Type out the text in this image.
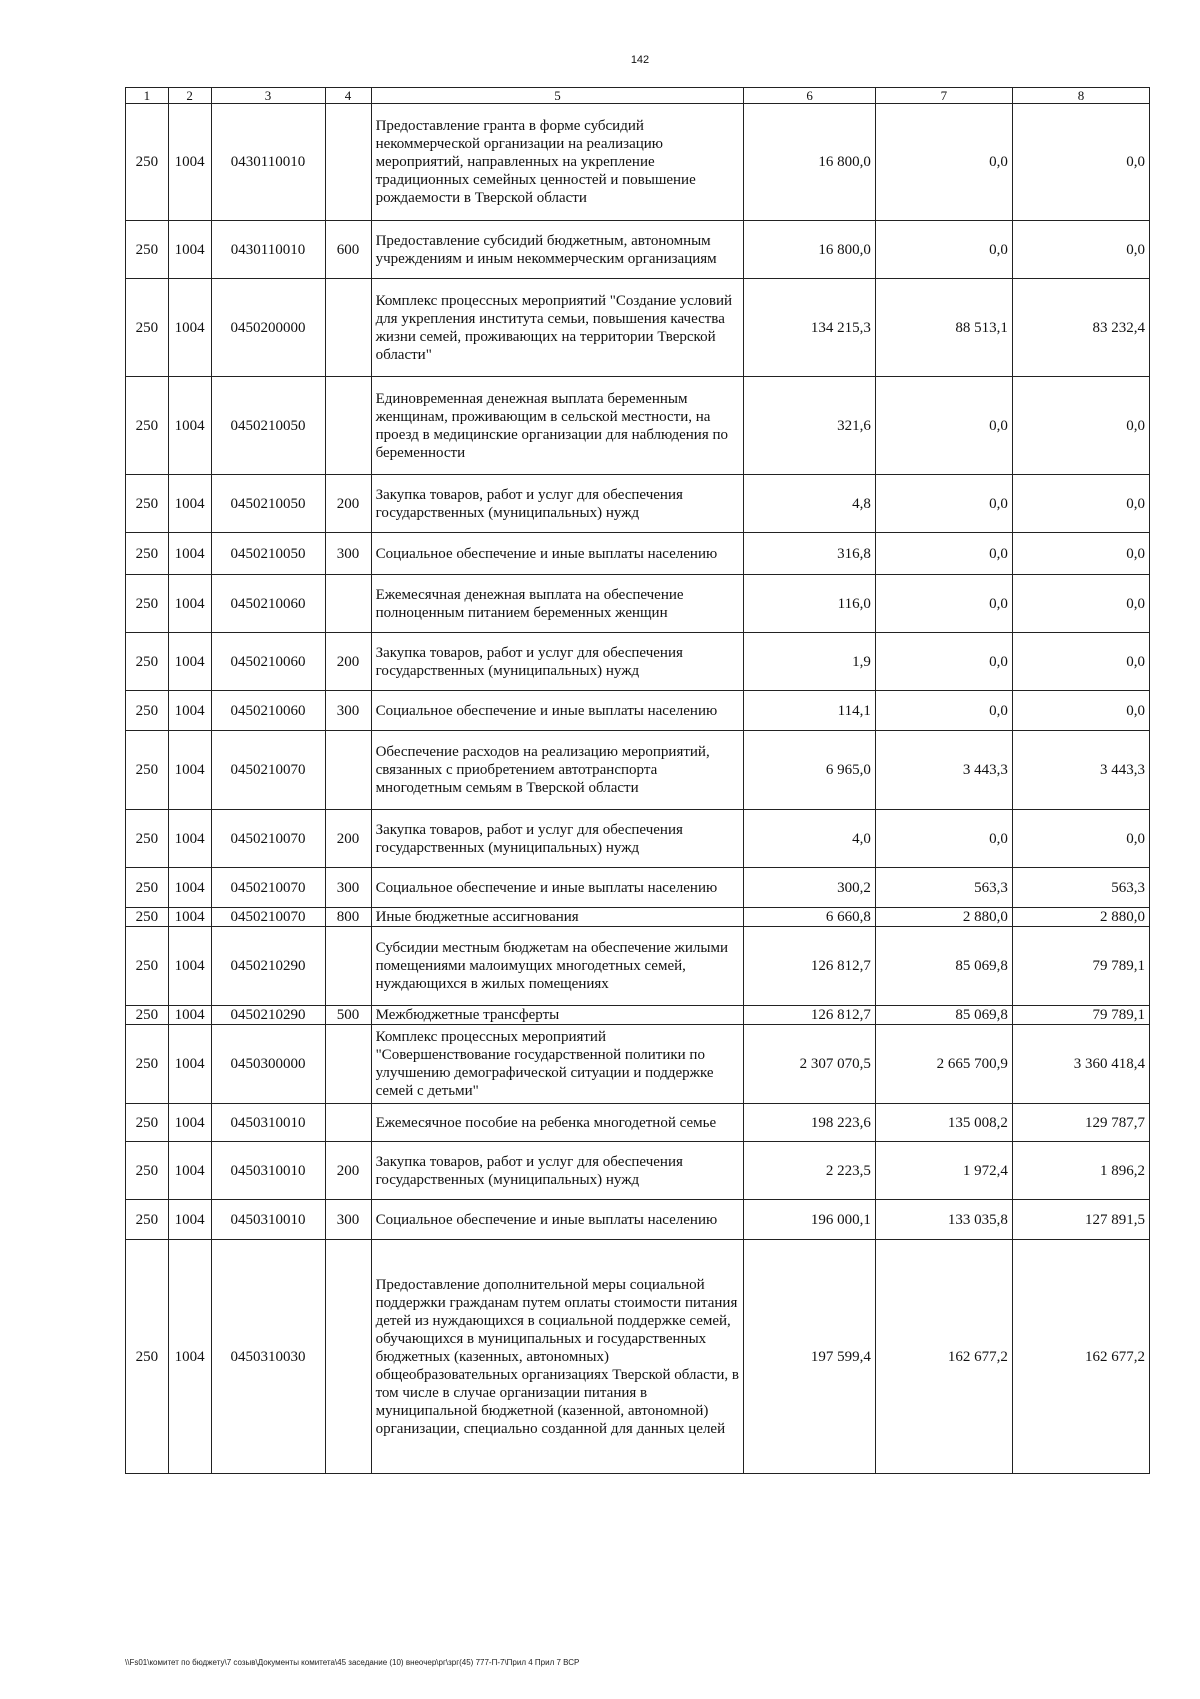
142
1	2	3	4	5	6	7	8
250	1004	0430110010		Предоставление гранта в форме субсидий некоммерческой организации на реализацию мероприятий, направленных на укрепление традиционных семейных ценностей и повышение рождаемости в Тверской области	16 800,0	0,0	0,0
250	1004	0430110010	600	Предоставление субсидий бюджетным, автономным учреждениям и иным некоммерческим организациям	16 800,0	0,0	0,0
250	1004	0450200000		Комплекс процессных мероприятий "Создание условий для укрепления института семьи, повышения качества жизни семей, проживающих на территории Тверской области"	134 215,3	88 513,1	83 232,4
250	1004	0450210050		Единовременная денежная выплата беременным женщинам, проживающим в сельской местности, на проезд в медицинские организации для наблюдения по беременности	321,6	0,0	0,0
250	1004	0450210050	200	Закупка товаров, работ и услуг для обеспечения государственных (муниципальных) нужд	4,8	0,0	0,0
250	1004	0450210050	300	Социальное обеспечение и иные выплаты населению	316,8	0,0	0,0
250	1004	0450210060		Ежемесячная денежная выплата на обеспечение полноценным питанием беременных женщин	116,0	0,0	0,0
250	1004	0450210060	200	Закупка товаров, работ и услуг для обеспечения государственных (муниципальных) нужд	1,9	0,0	0,0
250	1004	0450210060	300	Социальное обеспечение и иные выплаты населению	114,1	0,0	0,0
250	1004	0450210070		Обеспечение расходов на реализацию мероприятий, связанных с приобретением автотранспорта многодетным семьям в Тверской области	6 965,0	3 443,3	3 443,3
250	1004	0450210070	200	Закупка товаров, работ и услуг для обеспечения государственных (муниципальных) нужд	4,0	0,0	0,0
250	1004	0450210070	300	Социальное обеспечение и иные выплаты населению	300,2	563,3	563,3
250	1004	0450210070	800	Иные бюджетные ассигнования	6 660,8	2 880,0	2 880,0
250	1004	0450210290		Субсидии местным бюджетам на обеспечение жилыми помещениями малоимущих многодетных семей, нуждающихся в жилых помещениях	126 812,7	85 069,8	79 789,1
250	1004	0450210290	500	Межбюджетные трансферты	126 812,7	85 069,8	79 789,1
250	1004	0450300000		Комплекс процессных мероприятий "Совершенствование государственной политики по улучшению демографической ситуации и поддержке семей с детьми"	2 307 070,5	2 665 700,9	3 360 418,4
250	1004	0450310010		Ежемесячное пособие на ребенка многодетной семье	198 223,6	135 008,2	129 787,7
250	1004	0450310010	200	Закупка товаров, работ и услуг для обеспечения государственных (муниципальных) нужд	2 223,5	1 972,4	1 896,2
250	1004	0450310010	300	Социальное обеспечение и иные выплаты населению	196 000,1	133 035,8	127 891,5
250	1004	0450310030		Предоставление дополнительной меры социальной поддержки гражданам путем оплаты стоимости питания детей из нуждающихся в социальной поддержке семей, обучающихся в муниципальных и государственных бюджетных (казенных, автономных) общеобразовательных организациях Тверской области, в том числе в случае организации питания в муниципальной бюджетной (казенной, автономной) организации, специально созданной для данных целей	197 599,4	162 677,2	162 677,2
\\Fs01\комитет по бюджету\7 созыв\Документы комитета\45 заседание (10) внеочер\рг\зрг(45) 777-П-7\Прил 4 Прил 7 ВСР
